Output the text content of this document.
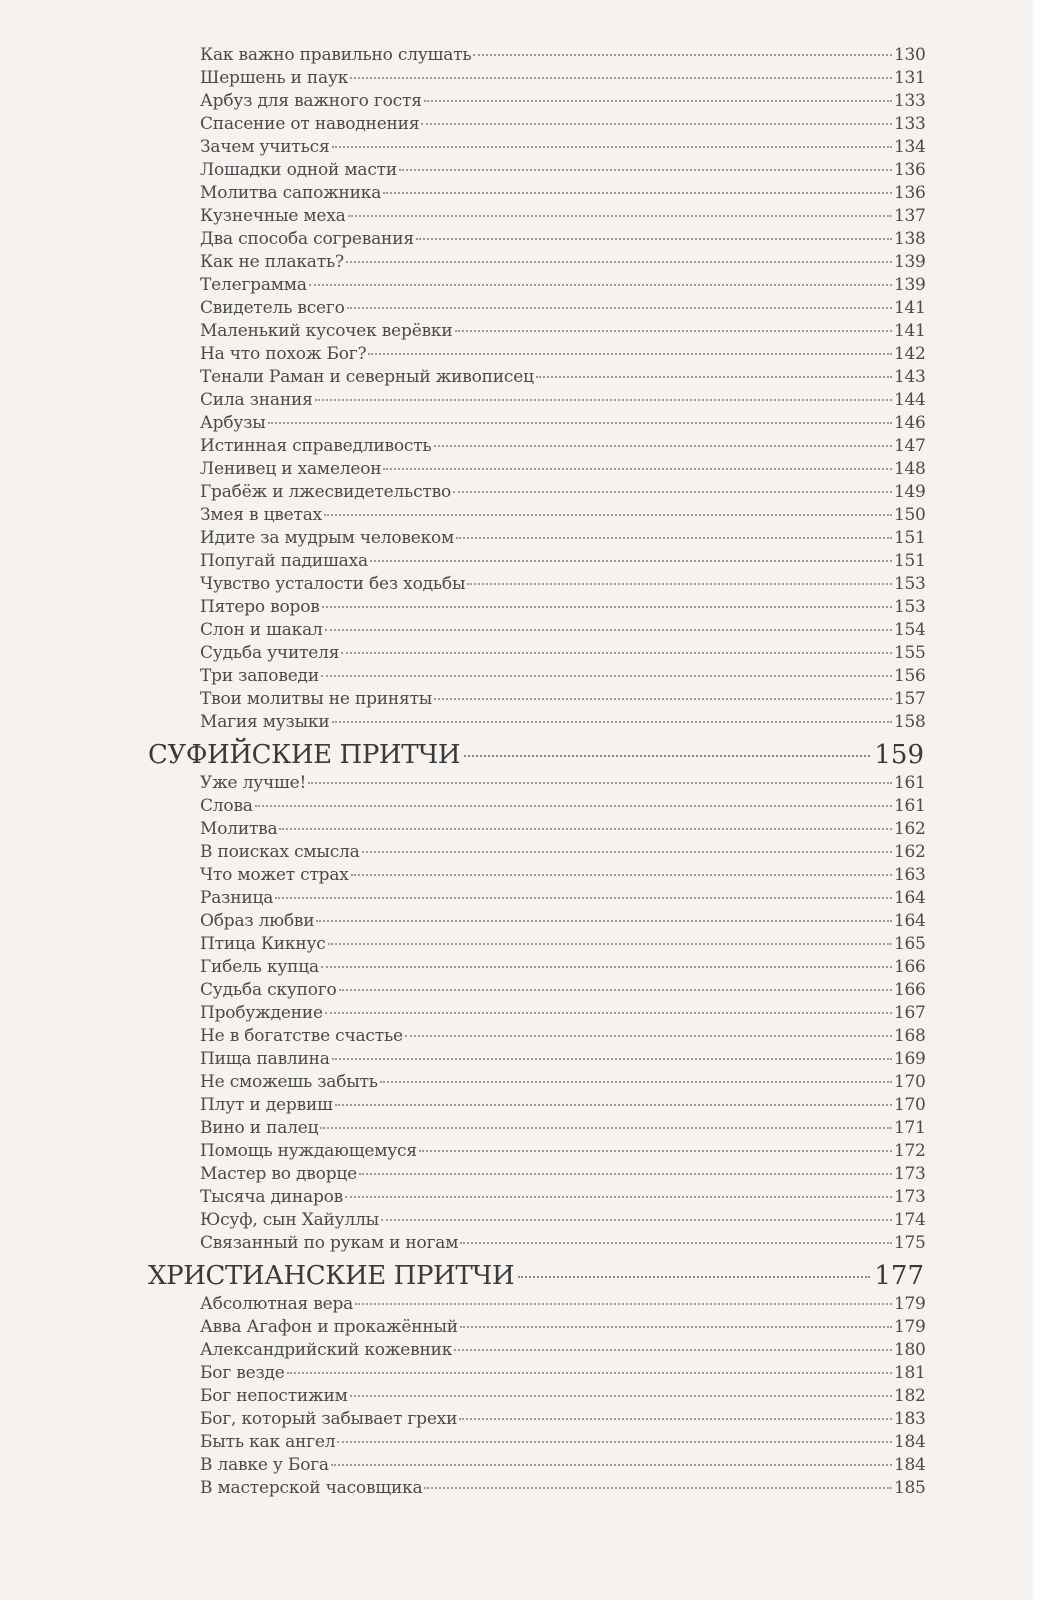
Как важно правильно слушать	130
Шершень и паук	131
Арбуз для важного гостя	133
Спасение от наводнения	133
Зачем учиться	134
Лошадки одной масти	136
Молитва сапожника	136
Кузнечные меха	137
Два способа согревания	138
Как не плакать?	139
Телеграмма	139
Свидетель всего	141
Маленький кусочек верёвки	141
На что похож Бог?	142
Тенали Раман и северный живописец	143
Сила знания	144
Арбузы	146
Истинная справедливость	147
Ленивец и хамелеон	148
Грабёж и лжесвидетельство	149
Змея в цветах	150
Идите за мудрым человеком	151
Попугай падишаха	151
Чувство усталости без ходьбы	153
Пятеро воров	153
Слон и шакал	154
Судьба учителя	155
Три заповеди	156
Твои молитвы не приняты	157
Магия музыки	158
СУФИЙСКИЕ ПРИТЧИ	159
Уже лучше!	161
Слова	161
Молитва	162
В поисках смысла	162
Что может страх	163
Разница	164
Образ любви	164
Птица Кикнус	165
Гибель купца	166
Судьба скупого	166
Пробуждение	167
Не в богатстве счастье	168
Пища павлина	169
Не сможешь забыть	170
Плут и дервиш	170
Вино и палец	171
Помощь нуждающемуся	172
Мастер во дворце	173
Тысяча динаров	173
Юсуф, сын Хайуллы	174
Связанный по рукам и ногам	175
ХРИСТИАНСКИЕ ПРИТЧИ	177
Абсолютная вера	179
Авва Агафон и прокажённый	179
Александрийский кожевник	180
Бог везде	181
Бог непостижим	182
Бог, который забывает грехи	183
Быть как ангел	184
В лавке у Бога	184
В мастерской часовщика	185
